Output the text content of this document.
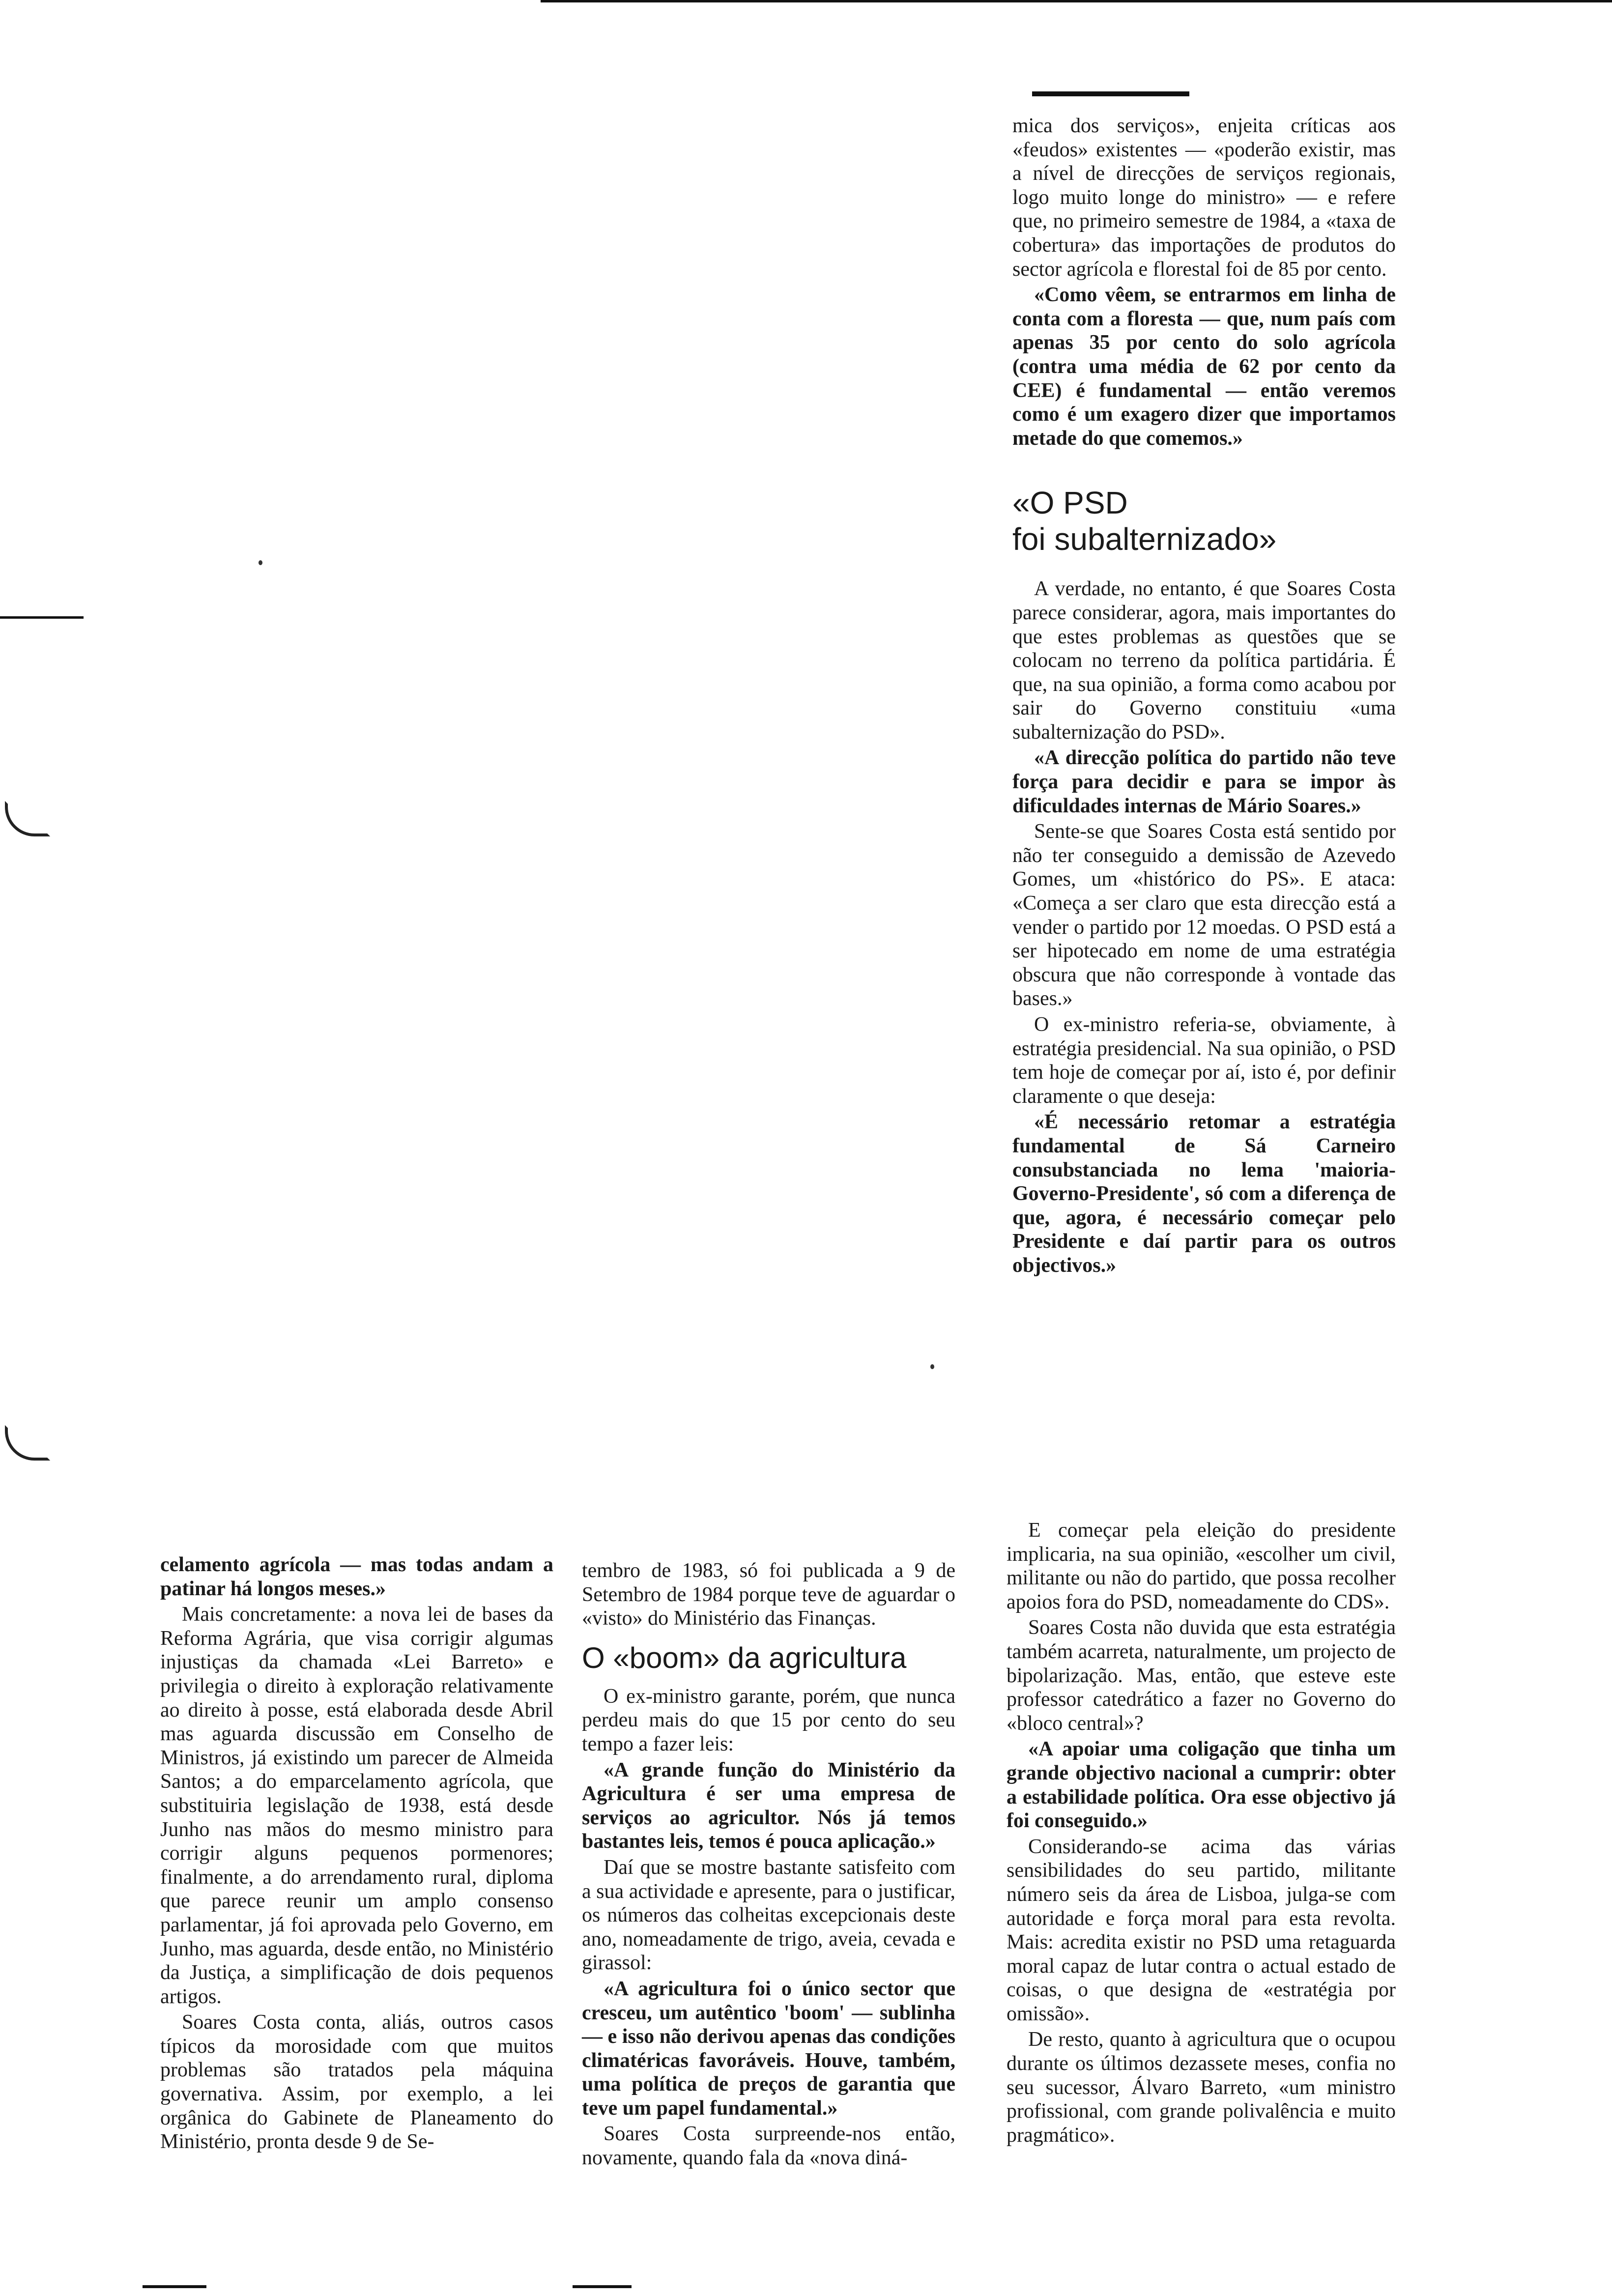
mica dos serviços», enjeita críticas aos «feudos» existentes — «poderão existir, mas a nível de direcções de serviços regionais, logo muito longe do ministro» — e refere que, no primeiro semestre de 1984, a «taxa de cobertura» das importações de produtos do sector agrícola e florestal foi de 85 por cento.

«Como vêem, se entrarmos em linha de conta com a floresta — que, num país com apenas 35 por cento do solo agrícola (contra uma média de 62 por cento da CEE) é fundamental — então veremos como é um exagero dizer que importamos metade do que comemos.»

«O PSD
foi subalternizado»

A verdade, no entanto, é que Soares Costa parece considerar, agora, mais importantes do que estes problemas as questões que se colocam no terreno da política partidária. É que, na sua opinião, a forma como acabou por sair do Governo constituiu «uma subalternização do PSD».

«A direcção política do partido não teve força para decidir e para se impor às dificuldades internas de Mário Soares.»

Sente-se que Soares Costa está sentido por não ter conseguido a demissão de Azevedo Gomes, um «histórico do PS». E ataca: «Começa a ser claro que esta direcção está a vender o partido por 12 moedas. O PSD está a ser hipotecado em nome de uma estratégia obscura que não corresponde à vontade das bases.»

O ex-ministro referia-se, obviamente, à estratégia presidencial. Na sua opinião, o PSD tem hoje de começar por aí, isto é, por definir claramente o que deseja:

«É necessário retomar a estratégia fundamental de Sá Carneiro consubstanciada no lema 'maioria-Governo-Presidente', só com a diferença de que, agora, é necessário começar pelo Presidente e daí partir para os outros objectivos.»

celamento agrícola — mas todas andam a patinar há longos meses.»

Mais concretamente: a nova lei de bases da Reforma Agrária, que visa corrigir algumas injustiças da chamada «Lei Barreto» e privilegia o direito à exploração relativamente ao direito à posse, está elaborada desde Abril mas aguarda discussão em Conselho de Ministros, já existindo um parecer de Almeida Santos; a do emparcelamento agrícola, que substituiria legislação de 1938, está desde Junho nas mãos do mesmo ministro para corrigir alguns pequenos pormenores; finalmente, a do arrendamento rural, diploma que parece reunir um amplo consenso parlamentar, já foi aprovada pelo Governo, em Junho, mas aguarda, desde então, no Ministério da Justiça, a simplificação de dois pequenos artigos.

Soares Costa conta, aliás, outros casos típicos da morosidade com que muitos problemas são tratados pela máquina governativa. Assim, por exemplo, a lei orgânica do Gabinete de Planeamento do Ministério, pronta desde 9 de Se-

tembro de 1983, só foi publicada a 9 de Setembro de 1984 porque teve de aguardar o «visto» do Ministério das Finanças.

O «boom» da agricultura

O ex-ministro garante, porém, que nunca perdeu mais do que 15 por cento do seu tempo a fazer leis:

«A grande função do Ministério da Agricultura é ser uma empresa de serviços ao agricultor. Nós já temos bastantes leis, temos é pouca aplicação.»

Daí que se mostre bastante satisfeito com a sua actividade e apresente, para o justificar, os números das colheitas excepcionais deste ano, nomeadamente de trigo, aveia, cevada e girassol:

«A agricultura foi o único sector que cresceu, um autêntico 'boom' — sublinha — e isso não derivou apenas das condições climatéricas favoráveis. Houve, também, uma política de preços de garantia que teve um papel fundamental.»

Soares Costa surpreende-nos então, novamente, quando fala da «nova diná-

E começar pela eleição do presidente implicaria, na sua opinião, «escolher um civil, militante ou não do partido, que possa recolher apoios fora do PSD, nomeadamente do CDS».

Soares Costa não duvida que esta estratégia também acarreta, naturalmente, um projecto de bipolarização. Mas, então, que esteve este professor catedrático a fazer no Governo do «bloco central»?

«A apoiar uma coligação que tinha um grande objectivo nacional a cumprir: obter a estabilidade política. Ora esse objectivo já foi conseguido.»

Considerando-se acima das várias sensibilidades do seu partido, militante número seis da área de Lisboa, julga-se com autoridade e força moral para esta revolta. Mais: acredita existir no PSD uma retaguarda moral capaz de lutar contra o actual estado de coisas, o que designa de «estratégia por omissão».

De resto, quanto à agricultura que o ocupou durante os últimos dezassete meses, confia no seu sucessor, Álvaro Barreto, «um ministro profissional, com grande polivalência e muito pragmático».
